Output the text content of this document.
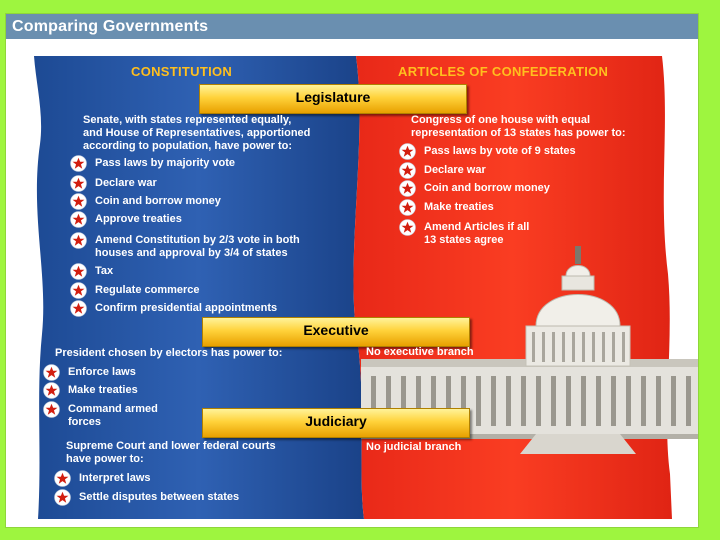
Comparing Governments
CONSTITUTION	ARTICLES OF CONFEDERATION
Legislature
Executive
Judiciary
No executive branch
No judicial branch
Senate, with states represented equally,
and House of Representatives, apportioned
according to population, have power to:
Pass laws by majority vote
Declare war
Coin and borrow money
Approve treaties
Amend Constitution by 2/3 vote in both
houses and approval by 3/4 of states
Tax
Regulate commerce
Confirm presidential appointments
President chosen by electors has power to:
Enforce laws
Make treaties
Command armed
forces
Supreme Court and lower federal courts
have power to:
Interpret laws
Settle disputes between states
Congress of one house with equal
representation of 13 states has power to:
Pass laws by vote of 9 states
Declare war
Coin and borrow money
Make treaties
Amend Articles if all
13 states agree
